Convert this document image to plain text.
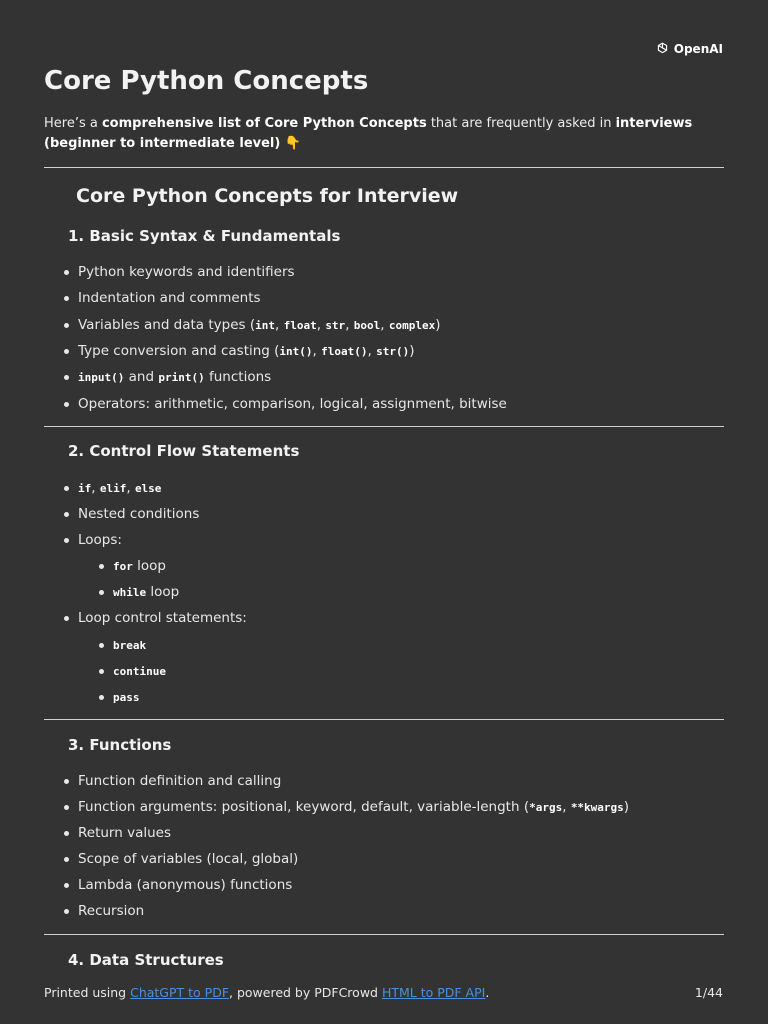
OpenAI
Core Python Concepts

Here’s a comprehensive list of Core Python Concepts that are frequently asked in interviews
(beginner to intermediate level) 👇

Core Python Concepts for Interview
1. Basic Syntax & Fundamentals
Python keywords and identifiers
Indentation and comments
Variables and data types (int, float, str, bool, complex)
Type conversion and casting (int(), float(), str())
input() and print() functions
Operators: arithmetic, comparison, logical, assignment, bitwise
2. Control Flow Statements
if, elif, else
Nested conditions
Loops:
for loop
while loop
Loop control statements:
break
continue
pass
3. Functions
Function definition and calling
Function arguments: positional, keyword, default, variable-length (*args, **kwargs)
Return values
Scope of variables (local, global)
Lambda (anonymous) functions
Recursion
4. Data Structures
Printed using ChatGPT to PDF, powered by PDFCrowd HTML to PDF API.	1/44
